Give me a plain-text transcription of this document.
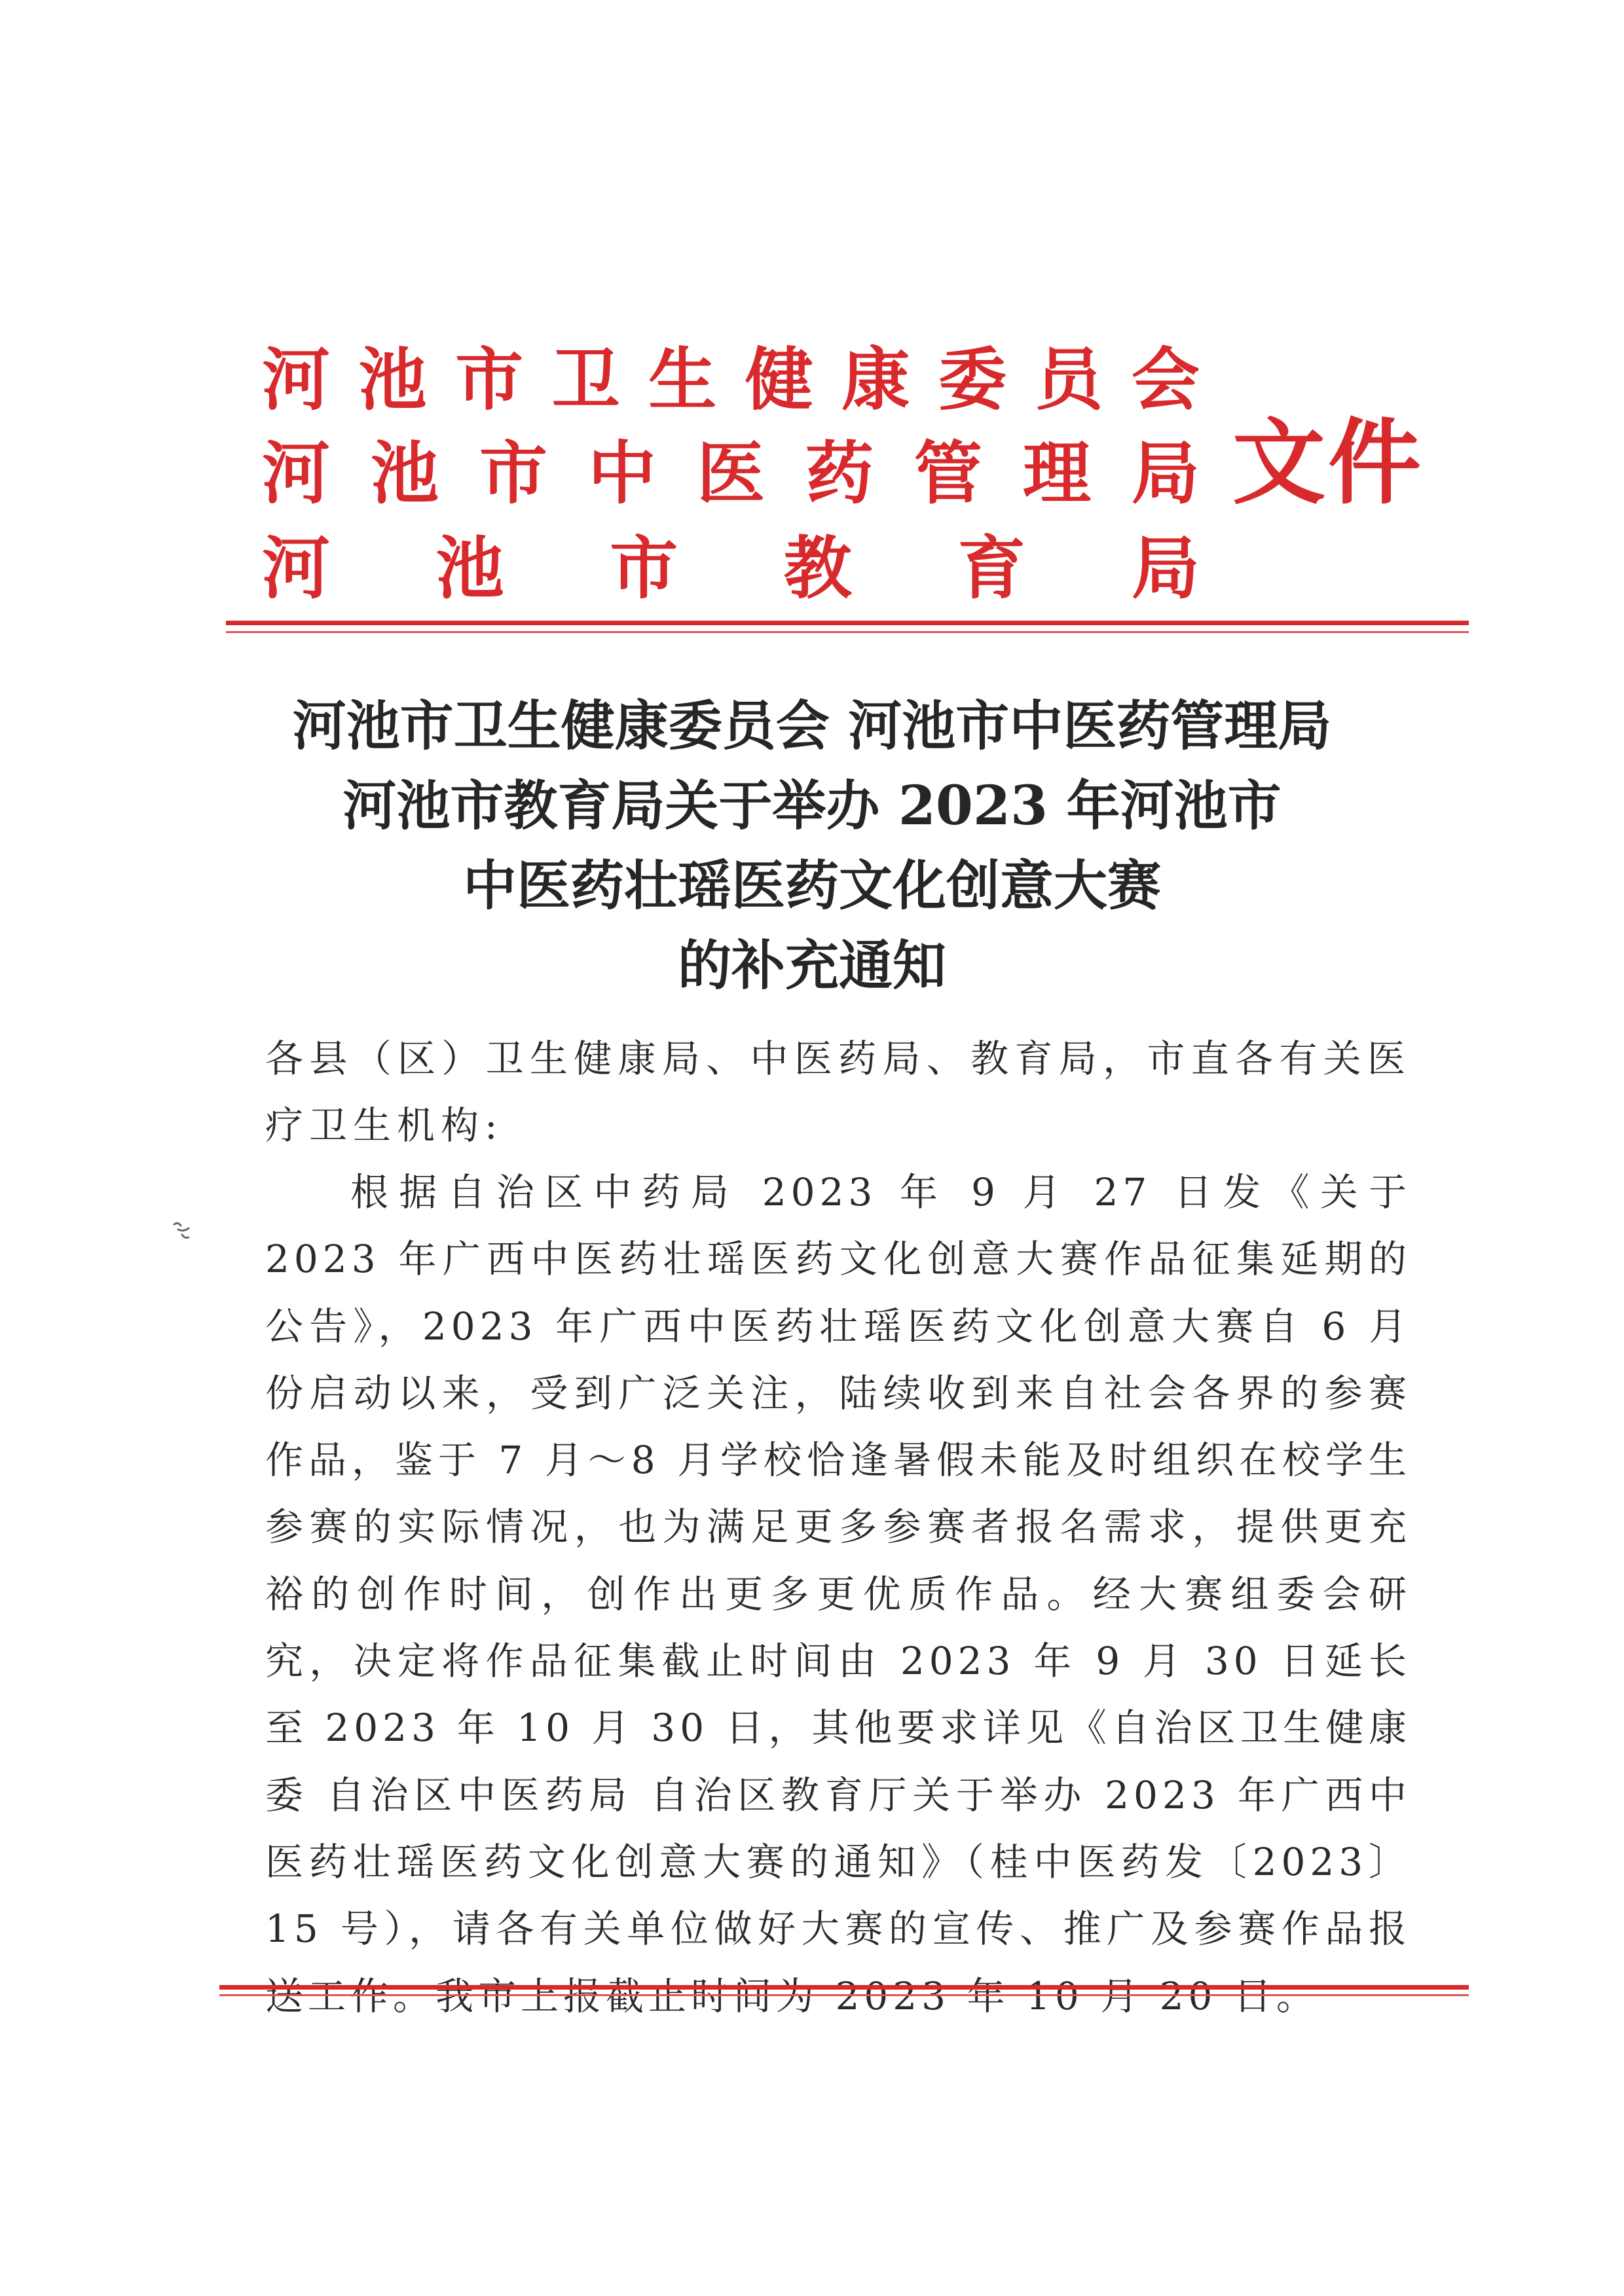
河 池 市 卫 生 健 康 委 员 会
河 池 市 中 医 药 管 理 局
河 池 市 教 育 局
文件
河池市卫生健康委员会 河池市中医药管理局
河池市教育局关于举办 2023 年河池市
中医药壮瑶医药文化创意大赛
的补充通知
各县（区）卫生健康局、中医药局、教育局，市直各有关医疗卫生机构:
根据自治区中药局 2023 年 9 月 27 日发《关于 2023 年广西中医药壮瑶医药文化创意大赛作品征集延期的公告》，2023 年广西中医药壮瑶医药文化创意大赛自 6 月份启动以来，受到广泛关注，陆续收到来自社会各界的参赛作品，鉴于 7 月～8 月学校恰逢暑假未能及时组织在校学生参赛的实际情况，也为满足更多参赛者报名需求，提供更充裕的创作时间，创作出更多更优质作品。经大赛组委会研究，决定将作品征集截止时间由 2023 年 9 月 30 日延长至 2023 年 10 月 30 日，其他要求详见《自治区卫生健康委 自治区中医药局 自治区教育厅关于举办 2023 年广西中医药壮瑶医药文化创意大赛的通知》（桂中医药发〔2023〕15 号），请各有关单位做好大赛的宣传、推广及参赛作品报送工作。我市上报截止时间为 2023 年 10 月 20 日。
